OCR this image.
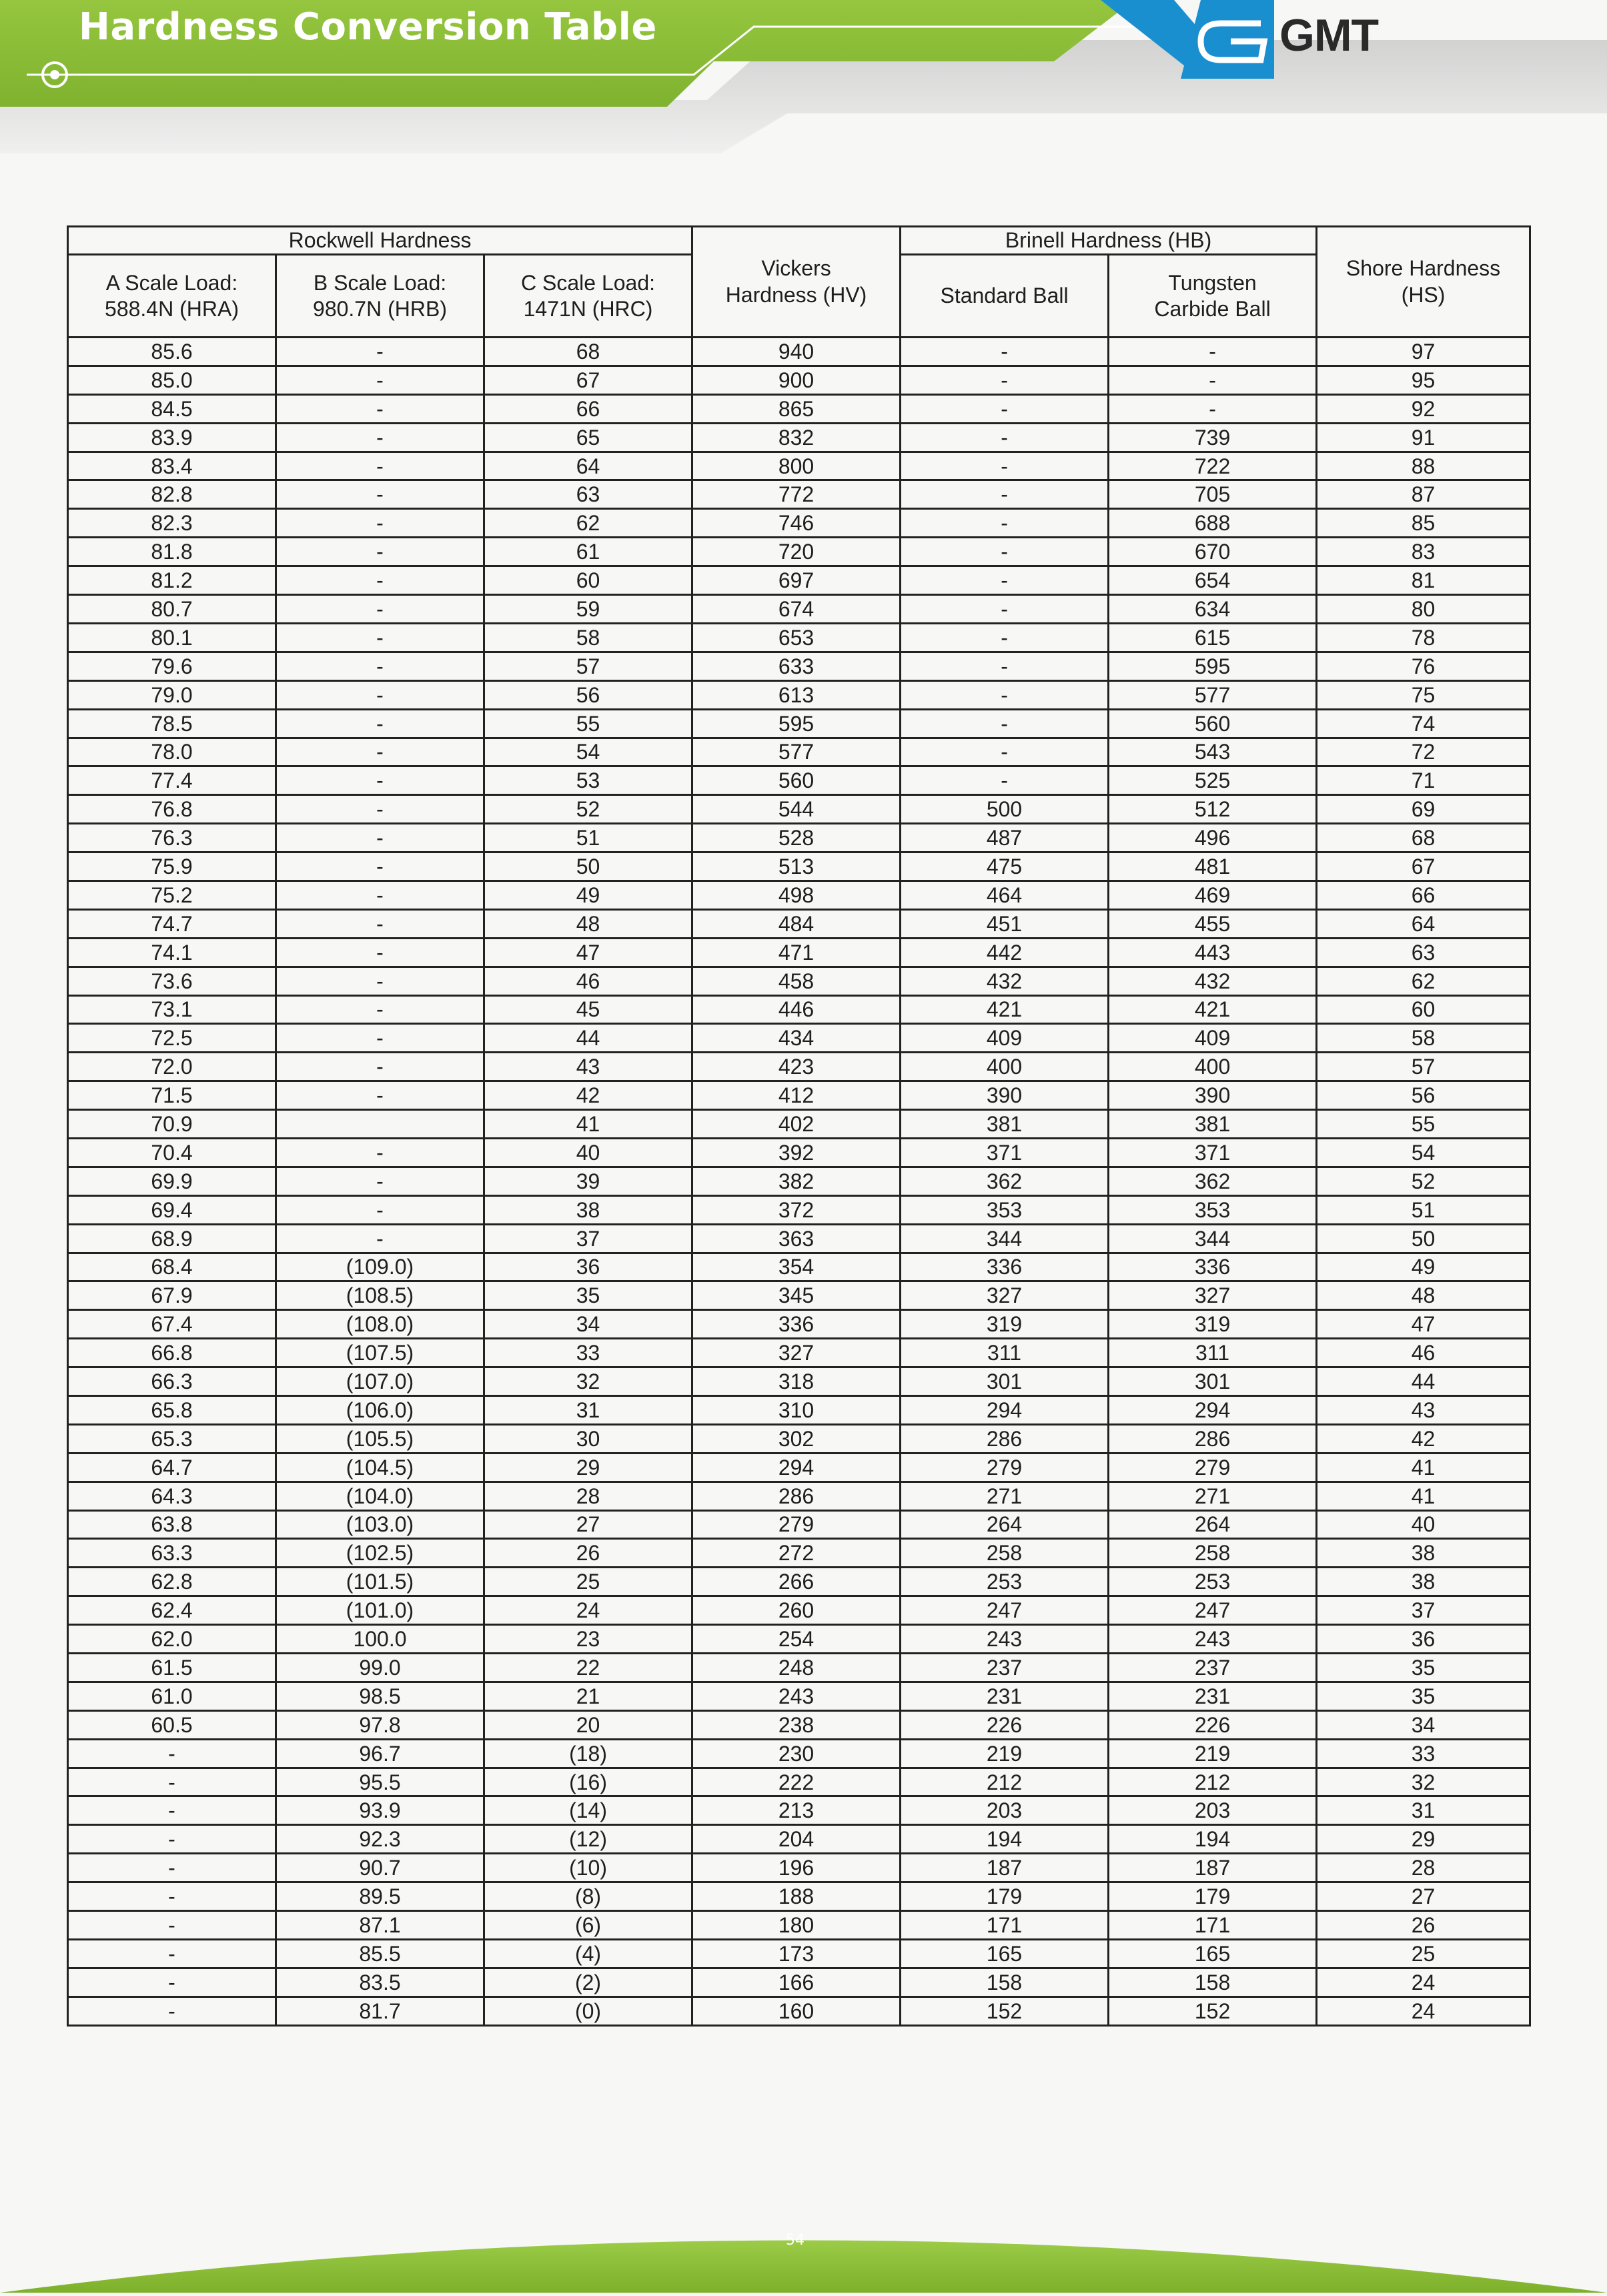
Hardness Conversion Table	GMT
Rockwell Hardness			Vickers Hardness (HV)	Brinell Hardness (HB)		Shore Hardness (HS)
A Scale Load: 588.4N (HRA)	B Scale Load: 980.7N (HRB)	C Scale Load: 1471N (HRC)		Standard Ball	Tungsten Carbide Ball	
85.6	-	68	940	-	-	97
85.0	-	67	900	-	-	95
84.5	-	66	865	-	-	92
83.9	-	65	832	-	739	91
83.4	-	64	800	-	722	88
82.8	-	63	772	-	705	87
82.3	-	62	746	-	688	85
81.8	-	61	720	-	670	83
81.2	-	60	697	-	654	81
80.7	-	59	674	-	634	80
80.1	-	58	653	-	615	78
79.6	-	57	633	-	595	76
79.0	-	56	613	-	577	75
78.5	-	55	595	-	560	74
78.0	-	54	577	-	543	72
77.4	-	53	560	-	525	71
76.8	-	52	544	500	512	69
76.3	-	51	528	487	496	68
75.9	-	50	513	475	481	67
75.2	-	49	498	464	469	66
74.7	-	48	484	451	455	64
74.1	-	47	471	442	443	63
73.6	-	46	458	432	432	62
73.1	-	45	446	421	421	60
72.5	-	44	434	409	409	58
72.0	-	43	423	400	400	57
71.5	-	42	412	390	390	56
70.9		41	402	381	381	55
70.4	-	40	392	371	371	54
69.9	-	39	382	362	362	52
69.4	-	38	372	353	353	51
68.9	-	37	363	344	344	50
68.4	(109.0)	36	354	336	336	49
67.9	(108.5)	35	345	327	327	48
67.4	(108.0)	34	336	319	319	47
66.8	(107.5)	33	327	311	311	46
66.3	(107.0)	32	318	301	301	44
65.8	(106.0)	31	310	294	294	43
65.3	(105.5)	30	302	286	286	42
64.7	(104.5)	29	294	279	279	41
64.3	(104.0)	28	286	271	271	41
63.8	(103.0)	27	279	264	264	40
63.3	(102.5)	26	272	258	258	38
62.8	(101.5)	25	266	253	253	38
62.4	(101.0)	24	260	247	247	37
62.0	100.0	23	254	243	243	36
61.5	99.0	22	248	237	237	35
61.0	98.5	21	243	231	231	35
60.5	97.8	20	238	226	226	34
-	96.7	(18)	230	219	219	33
-	95.5	(16)	222	212	212	32
-	93.9	(14)	213	203	203	31
-	92.3	(12)	204	194	194	29
-	90.7	(10)	196	187	187	28
-	89.5	(8)	188	179	179	27
-	87.1	(6)	180	171	171	26
-	85.5	(4)	173	165	165	25
-	83.5	(2)	166	158	158	24
-	81.7	(0)	160	152	152	24
54
